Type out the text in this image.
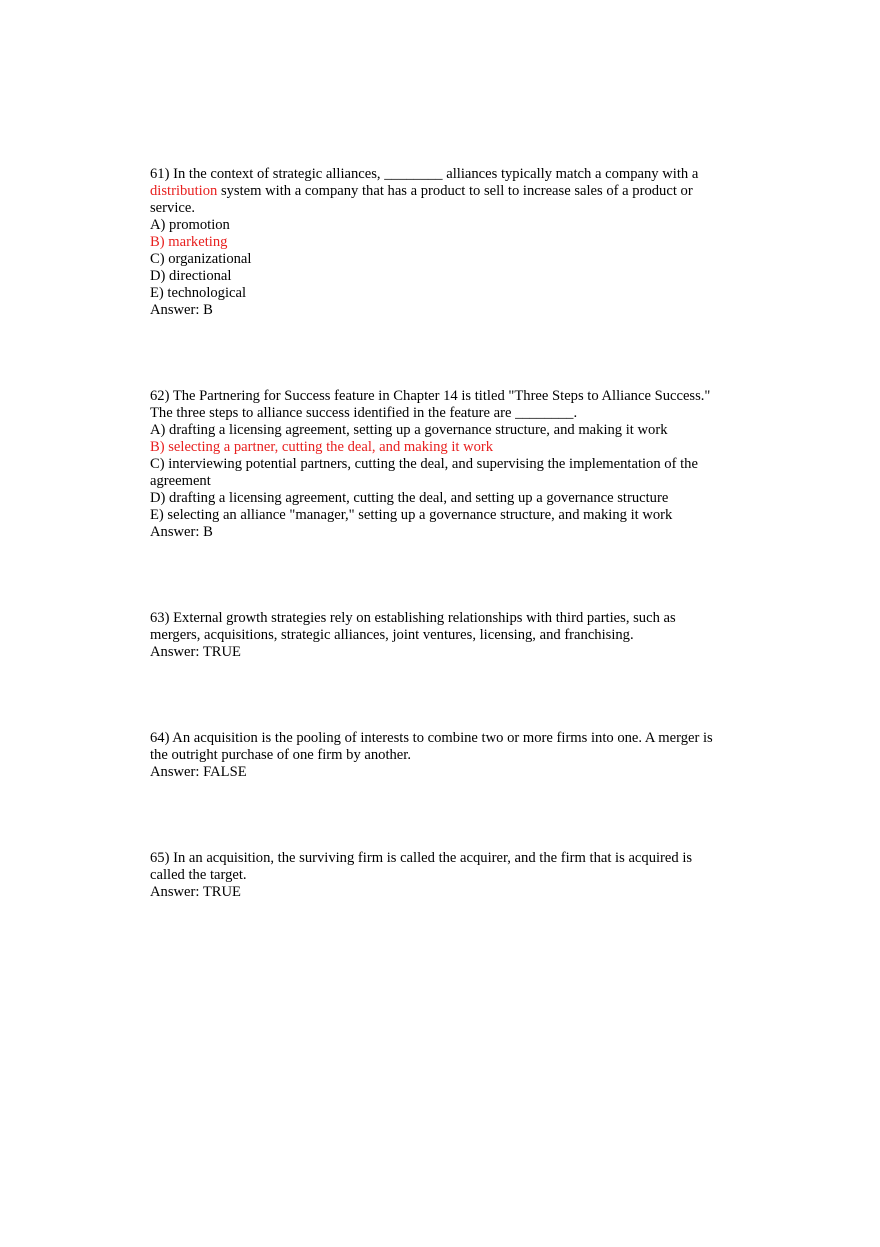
61) In the context of strategic alliances, ________ alliances typically match a company with a
distribution system with a company that has a product to sell to increase sales of a product or
service.
A) promotion
B) marketing
C) organizational
D) directional
E) technological
Answer: B
62) The Partnering for Success feature in Chapter 14 is titled "Three Steps to Alliance Success."
The three steps to alliance success identified in the feature are ________.
A) drafting a licensing agreement, setting up a governance structure, and making it work
B) selecting a partner, cutting the deal, and making it work
C) interviewing potential partners, cutting the deal, and supervising the implementation of the
agreement
D) drafting a licensing agreement, cutting the deal, and setting up a governance structure
E) selecting an alliance "manager," setting up a governance structure, and making it work
Answer: B
63) External growth strategies rely on establishing relationships with third parties, such as
mergers, acquisitions, strategic alliances, joint ventures, licensing, and franchising.
Answer: TRUE
64) An acquisition is the pooling of interests to combine two or more firms into one. A merger is
the outright purchase of one firm by another.
Answer: FALSE
65) In an acquisition, the surviving firm is called the acquirer, and the firm that is acquired is
called the target.
Answer: TRUE
